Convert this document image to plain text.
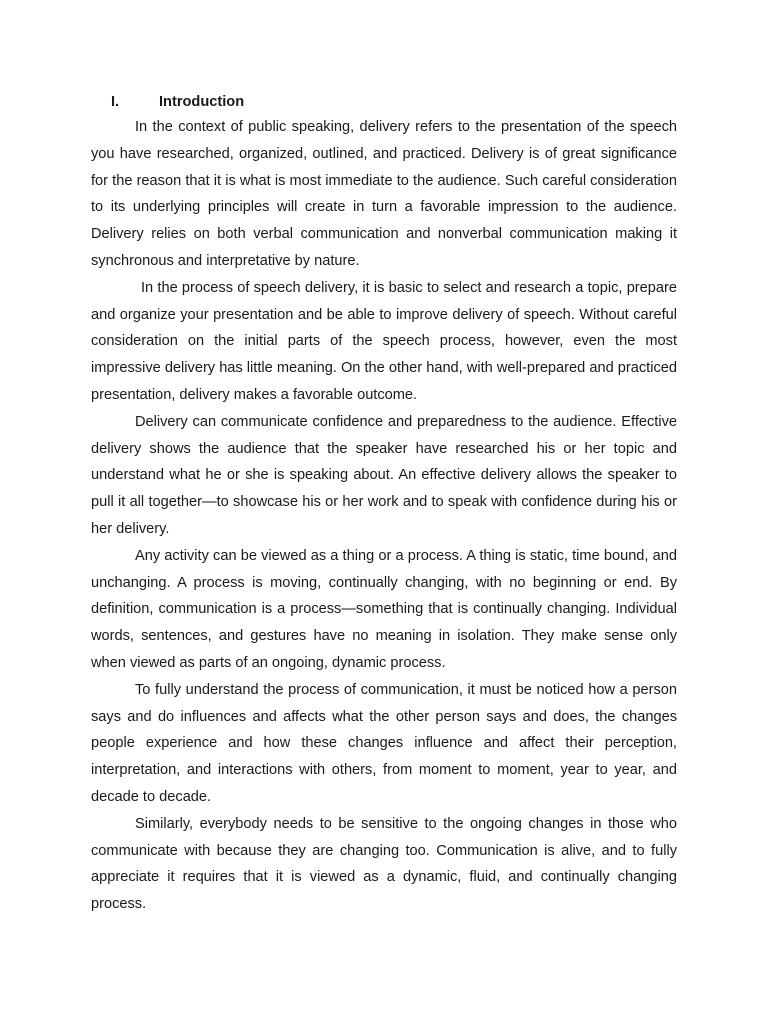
I.	Introduction

In the context of public speaking, delivery refers to the presentation of the speech you have researched, organized, outlined, and practiced. Delivery is of great significance for the reason that it is what is most immediate to the audience. Such careful consideration to its underlying principles will create in turn a favorable impression to the audience. Delivery relies on both verbal communication and nonverbal communication making it synchronous and interpretative by nature.

In the process of speech delivery, it is basic to select and research a topic, prepare and organize your presentation and be able to improve delivery of speech. Without careful consideration on the initial parts of the speech process, however, even the most impressive delivery has little meaning. On the other hand, with well-prepared and practiced presentation, delivery makes a favorable outcome.

Delivery can communicate confidence and preparedness to the audience. Effective delivery shows the audience that the speaker have researched his or her topic and understand what he or she is speaking about. An effective delivery allows the speaker to pull it all together—to showcase his or her work and to speak with confidence during his or her delivery.

Any activity can be viewed as a thing or a process. A thing is static, time bound, and unchanging. A process is moving, continually changing, with no beginning or end. By definition, communication is a process—something that is continually changing. Individual words, sentences, and gestures have no meaning in isolation. They make sense only when viewed as parts of an ongoing, dynamic process.

To fully understand the process of communication, it must be noticed how a person says and do influences and affects what the other person says and does, the changes people experience and how these changes influence and affect their perception, interpretation, and interactions with others, from moment to moment, year to year, and decade to decade.

Similarly, everybody needs to be sensitive to the ongoing changes in those who communicate with because they are changing too. Communication is alive, and to fully appreciate it requires that it is viewed as a dynamic, fluid, and continually changing process.
